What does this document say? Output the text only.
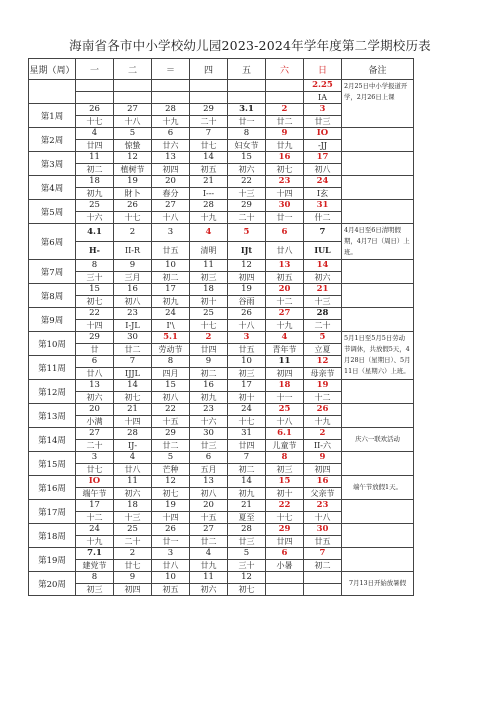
海南省各市中小学校幼儿园2023-2024年学年度第二学期校历表
星期（周）	一	二	＝	四	五	六	日	备注
							2.25	2月25日中小学报道开学，2月26日上课
							IA	
第1周	26	27	28	29	3.1	2	3	
	十七	十八	十九	二十	廿一	廿二	廿三	
第2周	4	5	6	7	8	9	IO	
	廿四	惊蛰	廿六	廿七	妇女节	廿九	-JJ	
第3周	11	12	13	14	15	16	17	
	初二	植树节	初四	初五	初六	初七	初八	
第4周	18	19	20	21	22	23	24	
	初九	財卜	春分	I---	十三	十四	I玄	
第5周	25	26	27	28	29	30	31	
	十六	十七	十八	十九	二十	廿一	什二	
第6周	4.1	2	3	4	5	6	7	4月4日至6日清明假期，4月7日（周日）上班。
	H-	II-R	廿五	清明	IJt	廿八	IUL	
第7周	8	9	10	11	12	13	14	
	三十	三月	初二	初三	初四	初五	初六	
第8周	15	16	17	18	19	20	21	
	初七	初八	初九	初十	谷雨	十二	十三	
第9周	22	23	24	25	26	27	28	
	十四	I-JL	I'\	十七	十八	十九	二十	
第10周	29	30	5.1	2	3	4	5	5月1日至5月5日劳动节调休，共放假5天，4月28日（星期日）、5月11日（星期六）上班。
	廿	廿二	劳动节	廿四	廿五	青年节	立夏	
第11周	6	7	8	9	10	11	12	
	廿八	IJJL	四月	初二	初三	初四	母亲节	
第12周	13	14	15	16	17	18	19	
	初六	初七	初八	初九	初十	十一	十二	
第13周	20	21	22	23	24	25	26	
	小满	十四	十五	十六	十七	十八	十九	
第14周	27	28	29	30	31	6.1	2	庆六一联欢活动
	二十	IJ-	廿二	廿三	廿四	儿童节	II-六	
第15周	3	4	5	6	7	8	9	
	廿七	廿八	芒种	五月	初二	初三	初四	
第16周	IO	11	12	13	14	15	16	端午节放假1天。
	端午节	初六	初七	初八	初九	初十	父亲节	
第17周	17	18	19	20	21	22	23	
	十二	十三	十四	十五	夏至	十七	十八	
第18周	24	25	26	27	28	29	30	
	十九	二十	廿一	廿二	廿三	廿四	廿五	
第19周	7.1	2	3	4	5	6	7	
	建党节	廿七	廿八	廿九	三十	小暑	初二	
第20周	8	9	10	11	12			7月13日开始放暑假
	初三	初四	初五	初六	初七			
